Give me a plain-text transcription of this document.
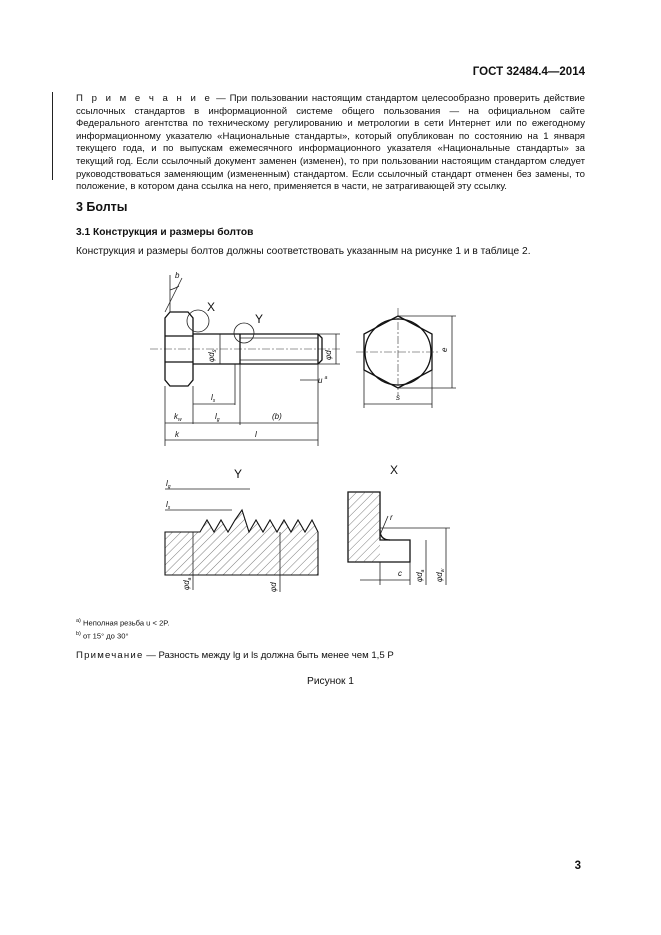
ГОСТ 32484.4—2014
П р и м е ч а н и е — При пользовании настоящим стандартом целесообразно проверить действие ссылочных стандартов в информационной системе общего пользования — на официальном сайте Федерального агентства по техническому регулированию и метрологии в сети Интернет или по ежегодному информационному указателю «Национальные стандарты», который опубликован по состоянию на 1 января текущего года, и по выпускам ежемесячного информационного указателя «Национальные стандарты» за текущий год. Если ссылочный документ заменен (изменен), то при пользовании настоящим стандартом следует руководствоваться заменяющим (измененным) стандартом. Если ссылочный стандарт отменен без замены, то положение, в котором дана ссылка на него, применяется в части, не затрагивающей эту ссылку.
3 Болты
3.1 Конструкция и размеры болтов
Конструкция и размеры болтов должны соответствовать указанным на рисунке 1 и в таблице 2.
b
X
Y
$\varphi d_s$	φd
u $^a$
$l_s$
$l_g$	(b)
$k_w$
k	l
e
s
Y
$l_g$
$l_s$
$\varphi d_a$
φd
X
r
c $\varphi d_a$
$\varphi d_w$
$^{a)}$ Неполная резьба u < 2P.
$^{b)}$ от 15° до 30°
Примечание — Разность между lg и ls должна быть менее чем 1,5 P
Рисунок 1
3
